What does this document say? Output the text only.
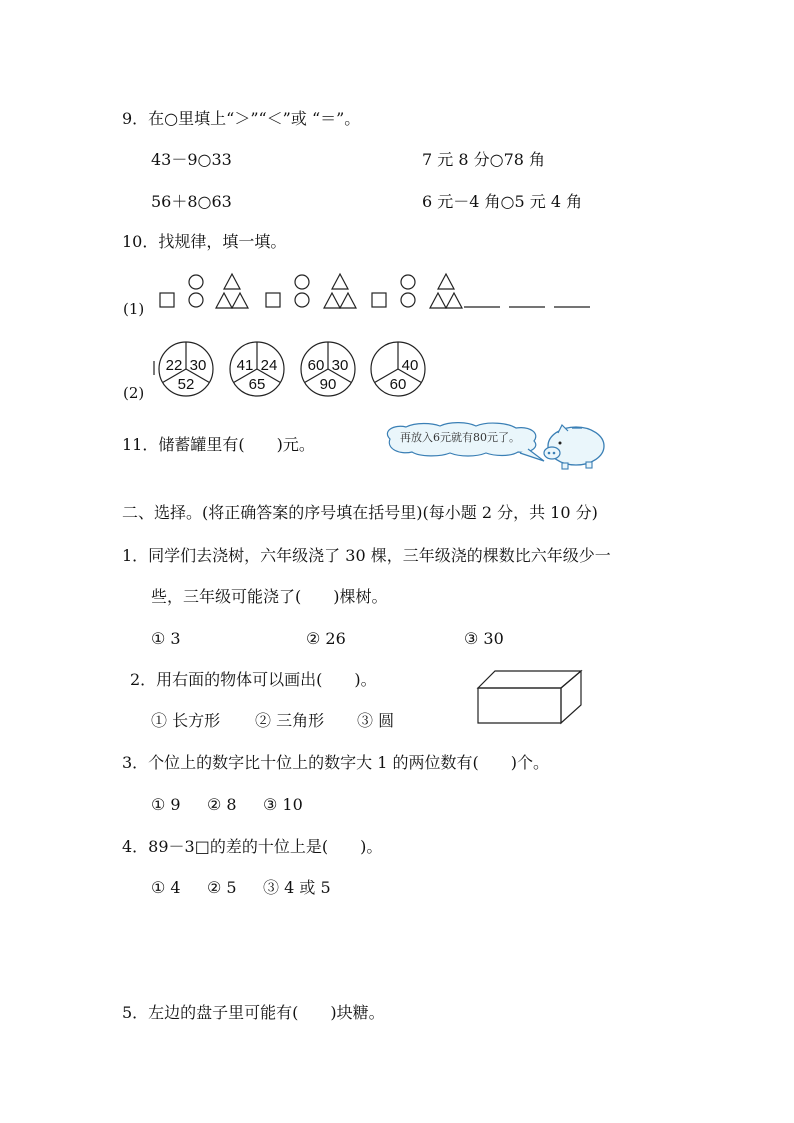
9．在○里填上“＞”“＜”或 “＝”。
43－9○33	7 元 8 分○78 角
56＋8○63	6 元－4 角○5 元 4 角
10．找规律，填一填。
(1)
(2)
22 30
52
41 24
65
60 30
90
40
60
11．储蓄罐里有(　　)元。	再放入6元就有80元了。
二、选择。(将正确答案的序号填在括号里)(每小题 2 分，共 10 分)
1．同学们去浇树，六年级浇了 30 棵，三年级浇的棵数比六年级少一
些，三年级可能浇了(　　)棵树。
① 3	② 26	③ 30
2．用右面的物体可以画出(　　)。
① 长方形 ② 三角形 ③ 圆
3．个位上的数字比十位上的数字大 1 的两位数有(　　)个。
① 9 ② 8 ③ 10
4．89－3□的差的十位上是(　　)。
① 4 ② 5 ③ 4 或 5
5．左边的盘子里可能有(　　)块糖。
